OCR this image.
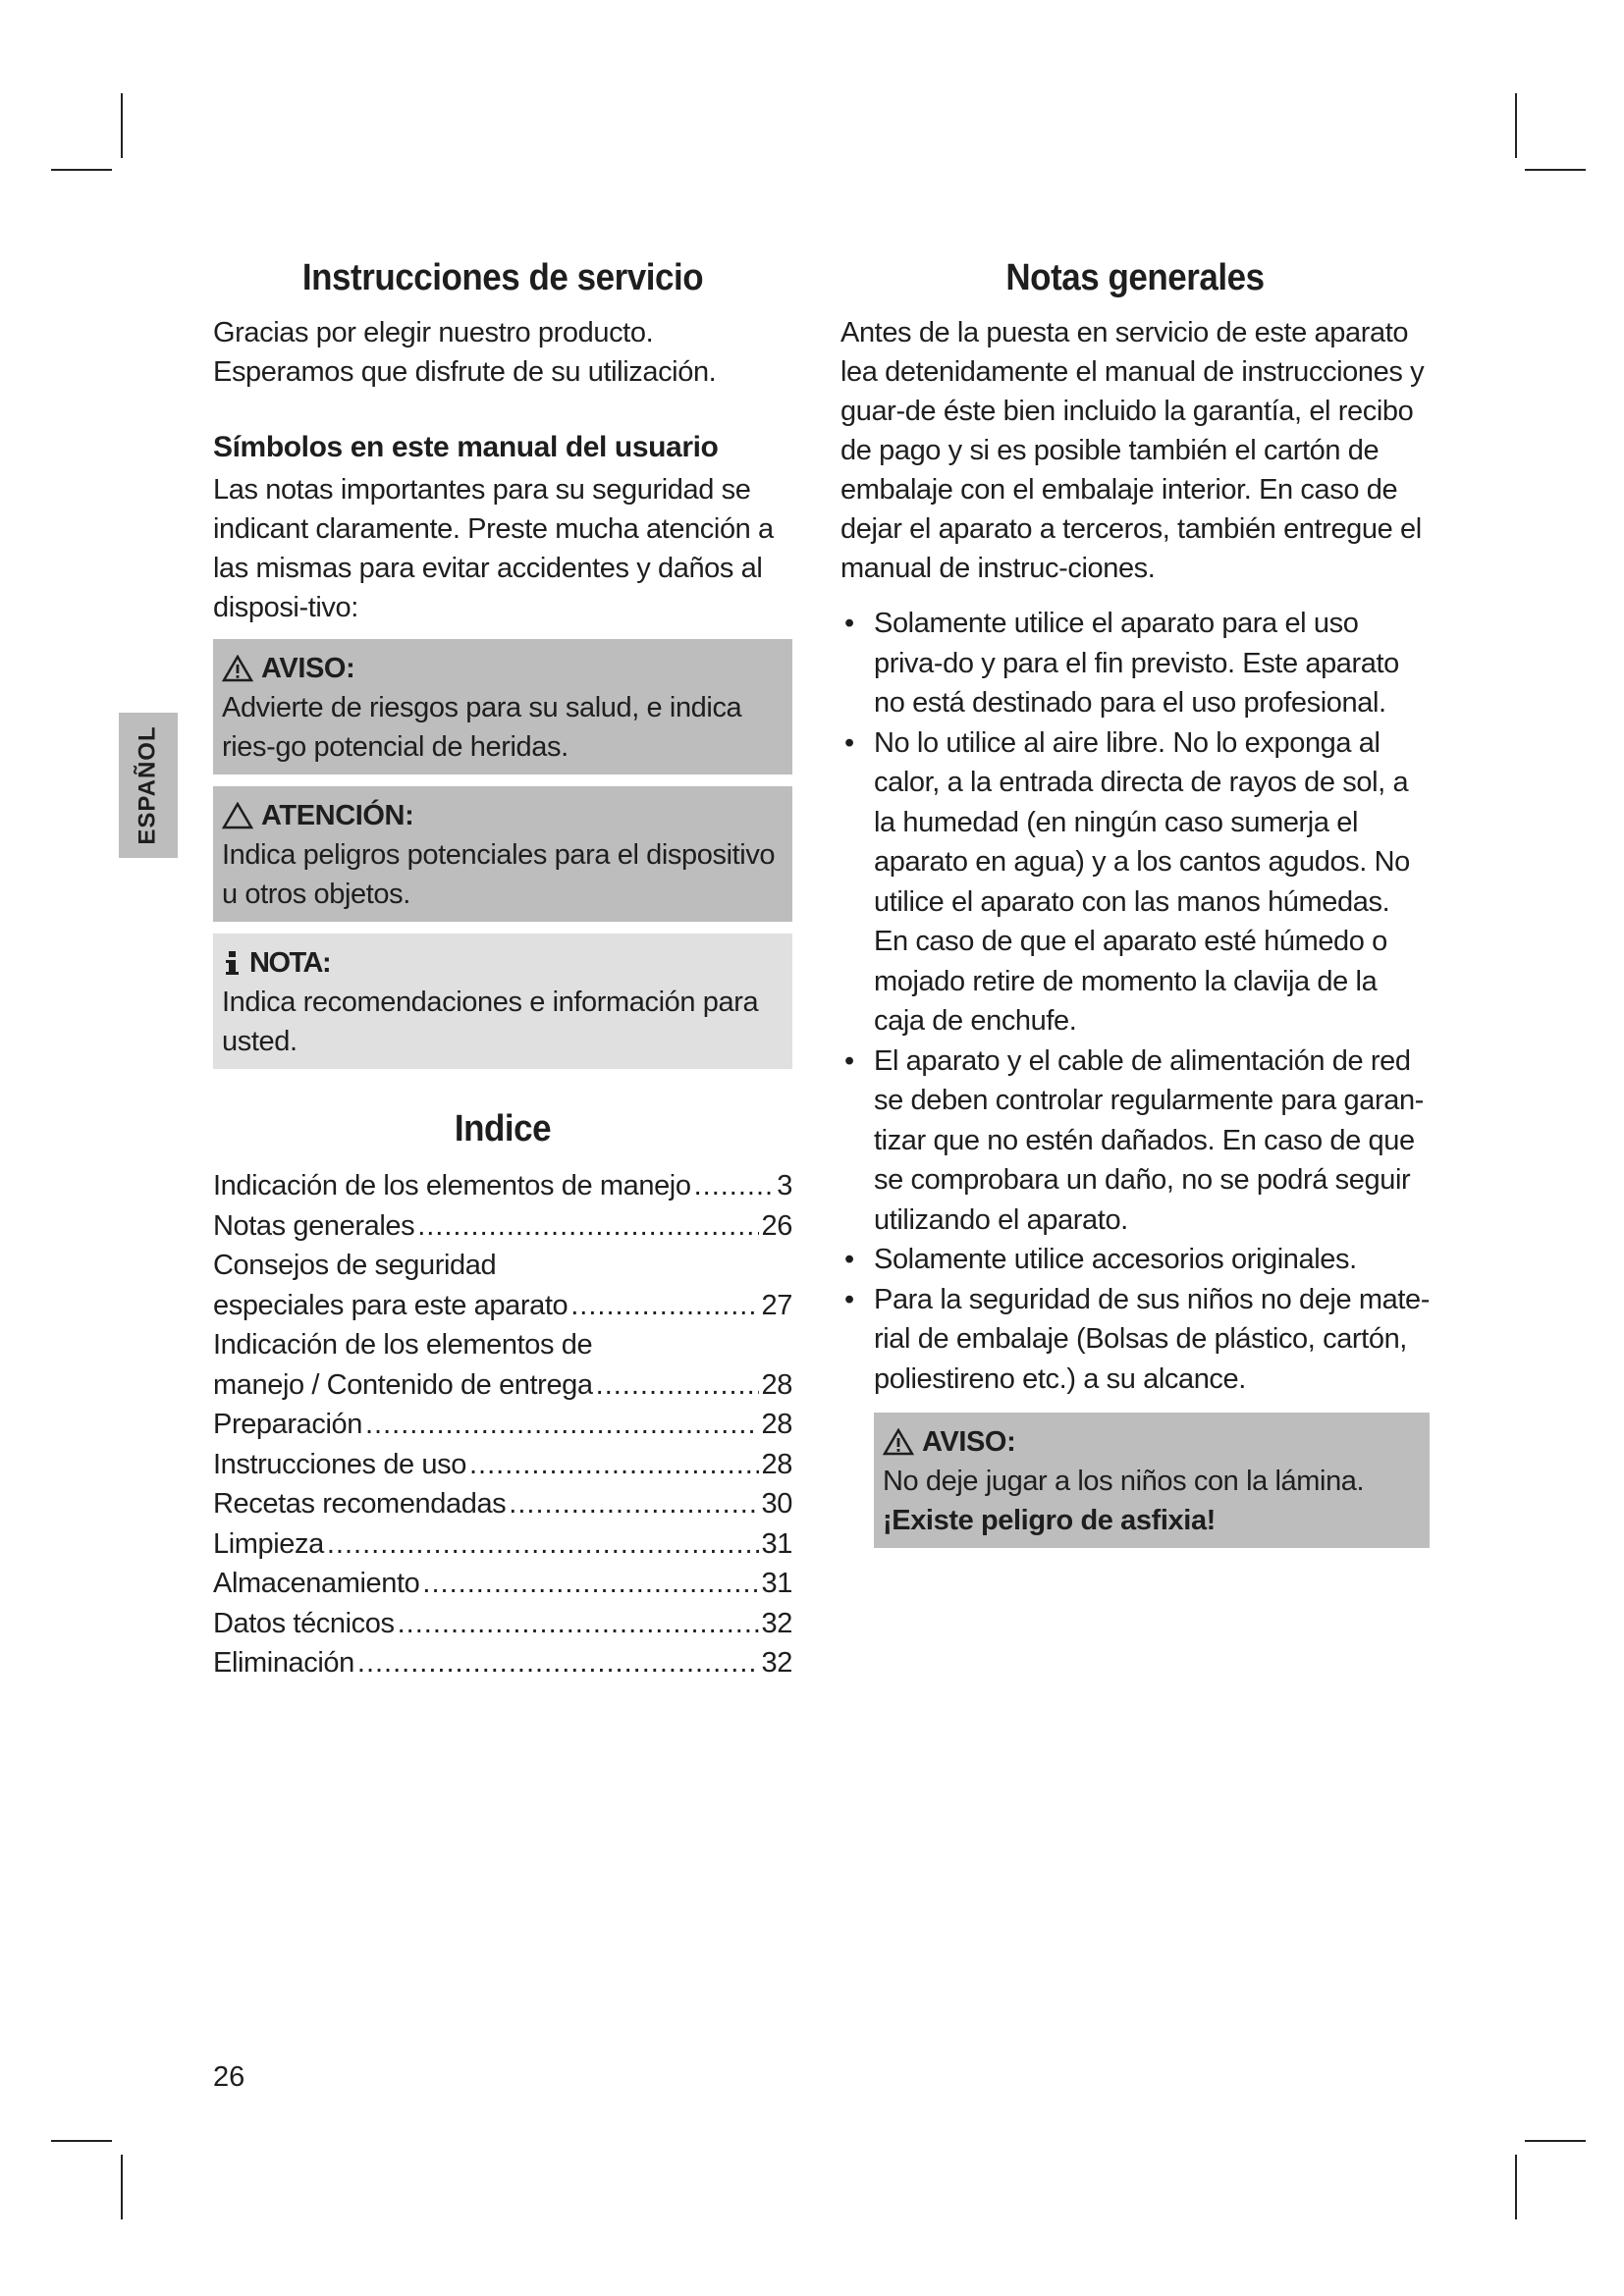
ESPAÑOL
Instrucciones de servicio

Gracias por elegir nuestro producto. Esperamos que disfrute de su utilización.

Símbolos en este manual del usuario

Las notas importantes para su seguridad se indicant claramente. Preste mucha atención a las mismas para evitar accidentes y daños al disposi-tivo:

AVISO:
Advierte de riesgos para su salud, e indica ries-go potencial de heridas.
ATENCIÓN:
Indica peligros potenciales para el dispositivo u otros objetos.
NOTA:
Indica recomendaciones e información para usted.
Indice
Indicación de los elementos de manejo .....	3
Notas generales .....	26
Consejos de seguridad
especiales para este aparato .....	27
Indicación de los elementos de
manejo / Contenido de entrega .....	28
Preparación .....	28
Instrucciones de uso .....	28
Recetas recomendadas .....	30
Limpieza .....	31
Almacenamiento .....	31
Datos técnicos .....	32
Eliminación .....	32
Notas generales

Antes de la puesta en servicio de este aparato lea detenidamente el manual de instrucciones y guar-de éste bien incluido la garantía, el recibo de pago y si es posible también el cartón de embalaje con el embalaje interior. En caso de dejar el aparato a terceros, también entregue el manual de instruc-ciones.

• Solamente utilice el aparato para el uso priva-do y para el fin previsto. Este aparato no está destinado para el uso profesional.
• No lo utilice al aire libre. No lo exponga al calor, a la entrada directa de rayos de sol, a la humedad (en ningún caso sumerja el aparato en agua) y a los cantos agudos. No utilice el aparato con las manos húmedas. En caso de que el aparato esté húmedo o mojado retire de momento la clavija de la caja de enchufe.
• El aparato y el cable de alimentación de red se deben controlar regularmente para garan-tizar que no estén dañados. En caso de que se comprobara un daño, no se podrá seguir utilizando el aparato.
• Solamente utilice accesorios originales.
• Para la seguridad de sus niños no deje mate-rial de embalaje (Bolsas de plástico, cartón, poliestireno etc.) a su alcance.
AVISO:
No deje jugar a los niños con la lámina.
¡Existe peligro de asfixia!
26
